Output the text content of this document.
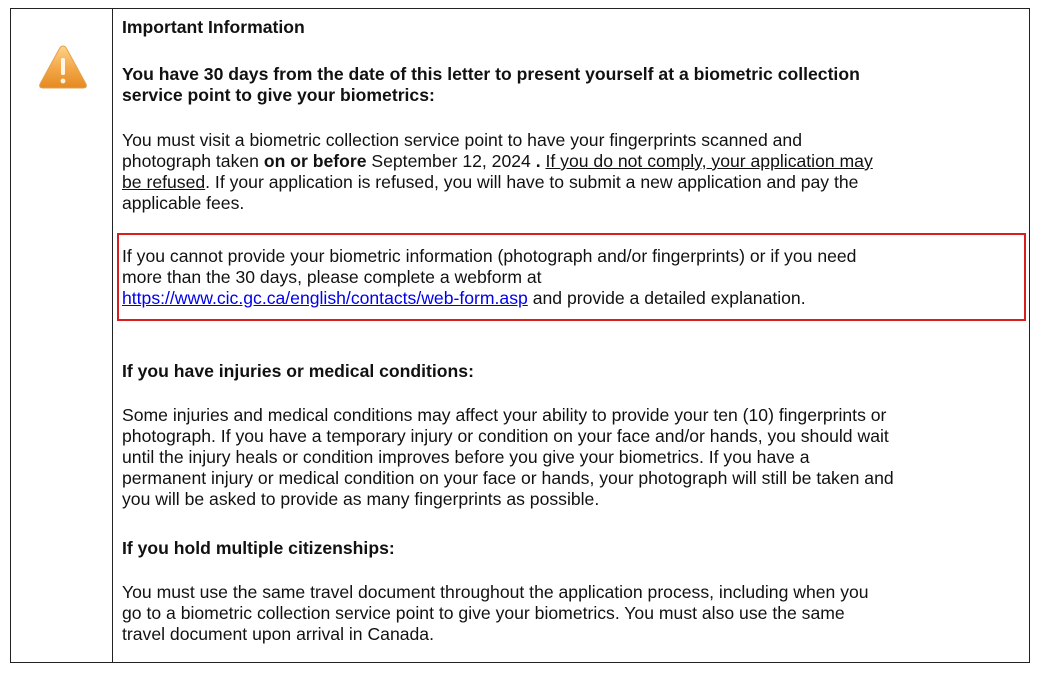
Important Information

You have 30 days from the date of this letter to present yourself at a biometric collection

service point to give your biometrics:

You must visit a biometric collection service point to have your fingerprints scanned and

photograph taken on or before September 12, 2024 . If you do not comply, your application may

be refused. If your application is refused, you will have to submit a new application and pay the

applicable fees.

If you cannot provide your biometric information (photograph and/or fingerprints) or if you need

more than the 30 days, please complete a webform at

https://www.cic.gc.ca/english/contacts/web-form.asp and provide a detailed explanation.

If you have injuries or medical conditions:

Some injuries and medical conditions may affect your ability to provide your ten (10) fingerprints or

photograph. If you have a temporary injury or condition on your face and/or hands, you should wait

until the injury heals or condition improves before you give your biometrics. If you have a

permanent injury or medical condition on your face or hands, your photograph will still be taken and

you will be asked to provide as many fingerprints as possible.

If you hold multiple citizenships:

You must use the same travel document throughout the application process, including when you

go to a biometric collection service point to give your biometrics. You must also use the same

travel document upon arrival in Canada.
